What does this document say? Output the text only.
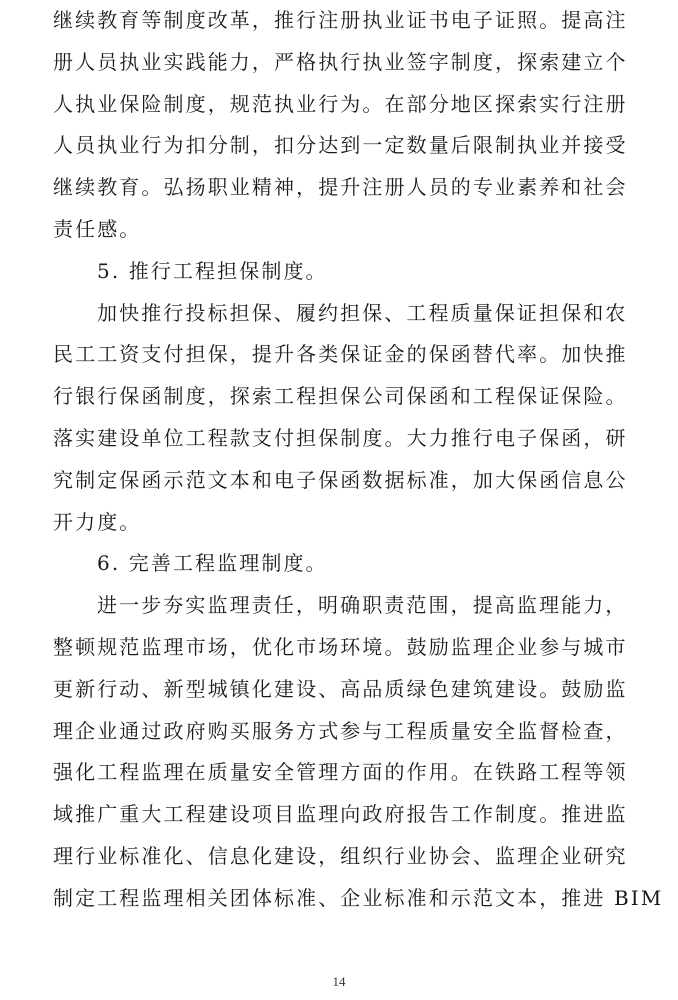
继续教育等制度改革，推行注册执业证书电子证照。提高注
册人员执业实践能力，严格执行执业签字制度，探索建立个
人执业保险制度，规范执业行为。在部分地区探索实行注册
人员执业行为扣分制，扣分达到一定数量后限制执业并接受
继续教育。弘扬职业精神，提升注册人员的专业素养和社会
责任感。
5. 推行工程担保制度。
加快推行投标担保、履约担保、工程质量保证担保和农
民工工资支付担保，提升各类保证金的保函替代率。加快推
行银行保函制度，探索工程担保公司保函和工程保证保险。
落实建设单位工程款支付担保制度。大力推行电子保函，研
究制定保函示范文本和电子保函数据标准，加大保函信息公
开力度。
6. 完善工程监理制度。
进一步夯实监理责任，明确职责范围，提高监理能力，
整顿规范监理市场，优化市场环境。鼓励监理企业参与城市
更新行动、新型城镇化建设、高品质绿色建筑建设。鼓励监
理企业通过政府购买服务方式参与工程质量安全监督检查，
强化工程监理在质量安全管理方面的作用。在铁路工程等领
域推广重大工程建设项目监理向政府报告工作制度。推进监
理行业标准化、信息化建设，组织行业协会、监理企业研究
制定工程监理相关团体标准、企业标准和示范文本，推进 BIM
14
